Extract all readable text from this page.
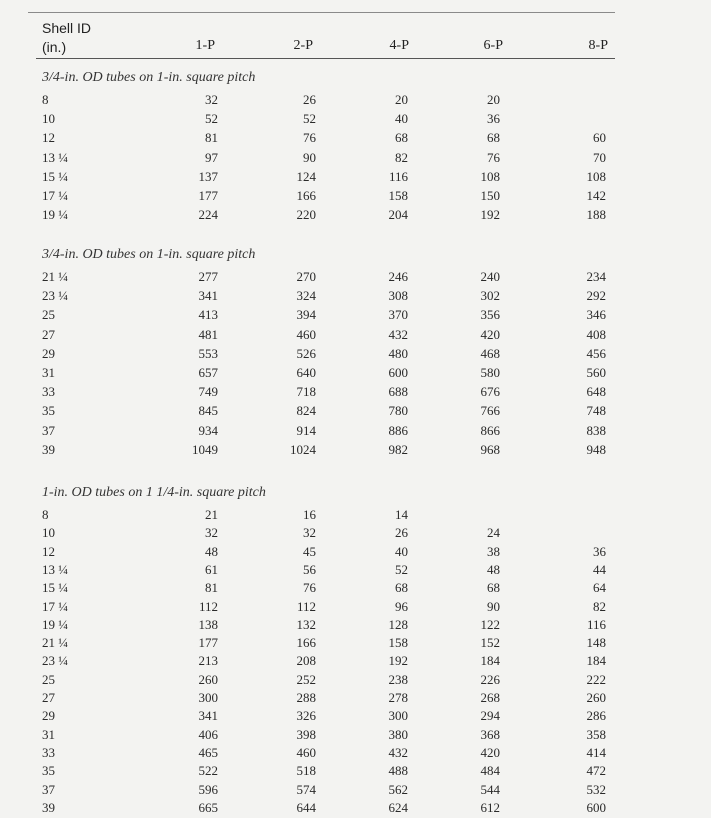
Shell ID
(in.)	1-P	2-P	4-P	6-P	8-P
3/4-in. OD tubes on 1-in. square pitch
8	32	26	20	20
10	52	52	40	36
12	81	76	68	68	60
13 ¼	97	90	82	76	70
15 ¼	137	124	116	108	108
17 ¼	177	166	158	150	142
19 ¼	224	220	204	192	188
3/4-in. OD tubes on 1-in. square pitch
21 ¼	277	270	246	240	234
23 ¼	341	324	308	302	292
25	413	394	370	356	346
27	481	460	432	420	408
29	553	526	480	468	456
31	657	640	600	580	560
33	749	718	688	676	648
35	845	824	780	766	748
37	934	914	886	866	838
39	1049	1024	982	968	948
1-in. OD tubes on 1 1/4-in. square pitch
8	21	16	14
10	32	32	26	24
12	48	45	40	38	36
13 ¼	61	56	52	48	44
15 ¼	81	76	68	68	64
17 ¼	112	112	96	90	82
19 ¼	138	132	128	122	116
21 ¼	177	166	158	152	148
23 ¼	213	208	192	184	184
25	260	252	238	226	222
27	300	288	278	268	260
29	341	326	300	294	286
31	406	398	380	368	358
33	465	460	432	420	414
35	522	518	488	484	472
37	596	574	562	544	532
39	665	644	624	612	600
